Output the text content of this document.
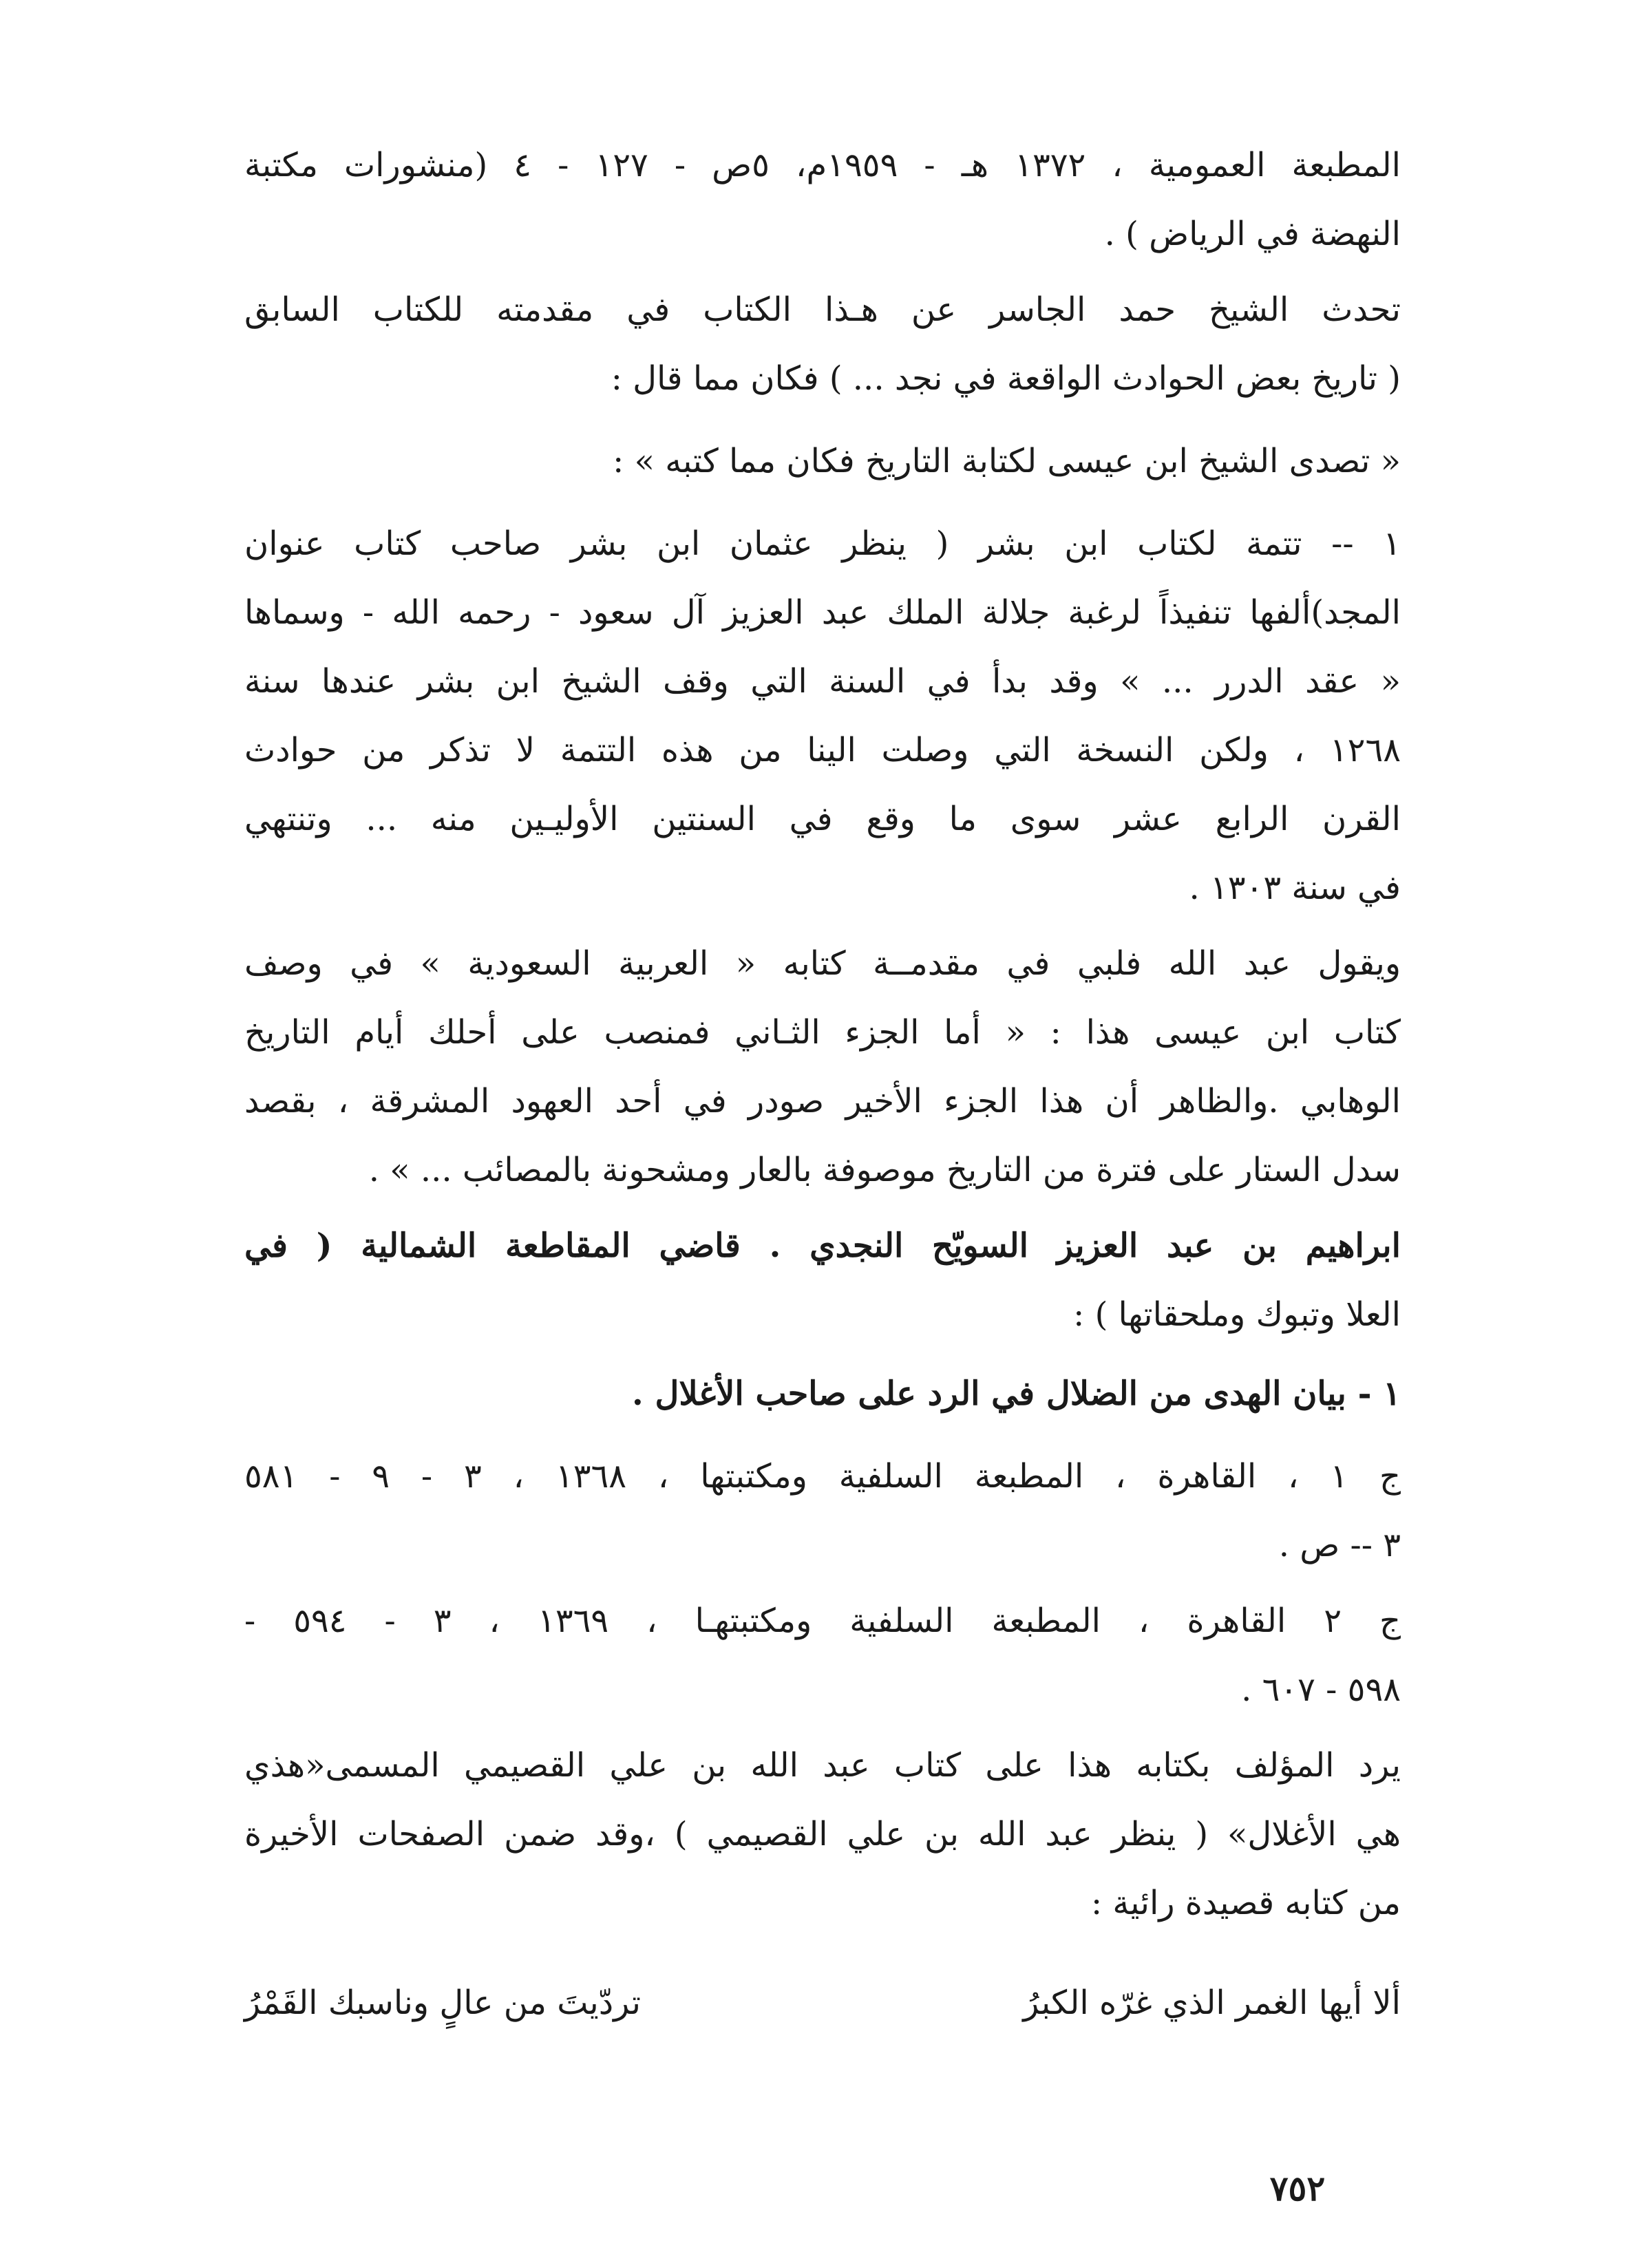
المطبعة العمومية ، ١٣٧٢ هـ - ١٩٥٩م، ٥ص - ١٢٧ - ٤ (منشورات مكتبة
النهضة في الرياض ) .
تحدث الشيخ حمد الجاسر عن هـذا الكتاب في مقدمته للكتاب السابق
( تاريخ بعض الحوادث الواقعة في نجد ... ) فكان مما قال :
« تصدى الشيخ ابن عيسى لكتابة التاريخ فكان مما كتبه » :
١ -- تتمة لكتاب ابن بشر ( ينظر عثمان ابن بشر صاحب كتاب عنوان
المجد)ألفها تنفيذاً لرغبة جلالة الملك عبد العزيز آل سعود - رحمه الله - وسماها
« عقد الدرر ... » وقد بدأ في السنة التي وقف الشيخ ابن بشر عندها سنة
١٢٦٨ ، ولكن النسخة التي وصلت الينا من هذه التتمة لا تذكر من حوادث
القرن الرابع عشر سوى ما وقع في السنتين الأوليـين منه ... وتنتهي
في سنة ١٣٠٣ .
ويقول عبد الله فلبي في مقدمــة كتابه « العربية السعودية » في وصف
كتاب ابن عيسى هذا : « أما الجزء الثـاني فمنصب على أحلك أيام التاريخ
الوهابي .والظاهر أن هذا الجزء الأخير صودر في أحد العهود المشرقة ، بقصد
سدل الستار على فترة من التاريخ موصوفة بالعار ومشحونة بالمصائب ... » .
ابراهيم بن عبد العزيز السويّح النجدي . قاضي المقاطعة الشمالية ( في
العلا وتبوك وملحقاتها ) :
١ - بيان الهدى من الضلال في الرد على صاحب الأغلال .
ج ١ ، القاهرة ، المطبعة السلفية ومكتبتها ، ١٣٦٨ ، ٣ - ٩ - ٥٨١
٣ -- ص .
ج ٢ القاهرة ، المطبعة السلفية ومكتبتهـا ، ١٣٦٩ ، ٣ - ٥٩٤ -
٥٩٨ - ٦٠٧ .
يرد المؤلف بكتابه هذا على كتاب عبد الله بن علي القصيمي المسمى«هذي
هي الأغلال» ( ينظر عبد الله بن علي القصيمي ) ،وقد ضمن الصفحات الأخيرة
من كتابه قصيدة رائية :
ألا أيها الغمر الذي غرّه الكبرُ
تردّيتَ من عالٍ وناسبك القَمْرُ
٧٥٢
